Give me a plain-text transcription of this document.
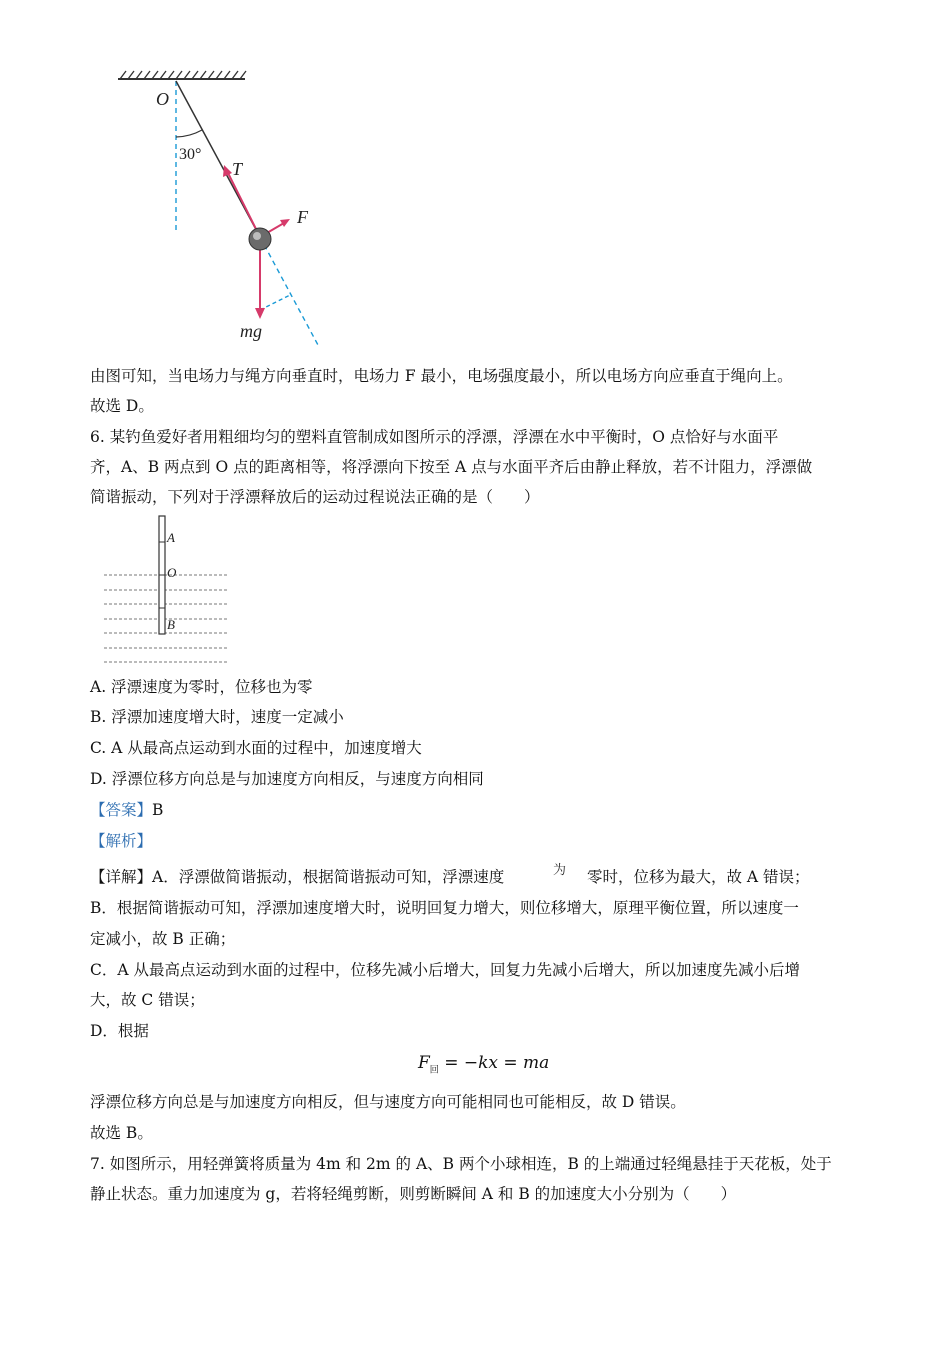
O
30°
T
F
mg
由图可知，当电场力与绳方向垂直时，电场力 F 最小，电场强度最小，所以电场方向应垂直于绳向上。
故选 D。
6. 某钓鱼爱好者用粗细均匀的塑料直管制成如图所示的浮漂，浮漂在水中平衡时，O 点恰好与水面平
齐，A、B 两点到 O 点的距离相等，将浮漂向下按至 A 点与水面平齐后由静止释放，若不计阻力，浮漂做
简谐振动，下列对于浮漂释放后的运动过程说法正确的是（　　）
A
O
B
A. 浮漂速度为零时，位移也为零
B. 浮漂加速度增大时，速度一定减小
C. A 从最高点运动到水面的过程中，加速度增大
D. 浮漂位移方向总是与加速度方向相反，与速度方向相同
【答案】B
【解析】
【详解】A．浮漂做简谐振动，根据简谐振动可知，浮漂速度	为 零时，位移为最大，故 A 错误；
B．根据简谐振动可知，浮漂加速度增大时，说明回复力增大，则位移增大，原理平衡位置，所以速度一
定减小，故 B 正确；
C．A 从最高点运动到水面的过程中，位移先减小后增大，回复力先减小后增大，所以加速度先减小后增
大，故 C 错误；
D．根据
$F_回 = -kx$ = ma
浮漂位移方向总是与加速度方向相反，但与速度方向可能相同也可能相反，故 D 错误。
故选 B。
7. 如图所示，用轻弹簧将质量为 4m 和 2m 的 A、B 两个小球相连，B 的上端通过轻绳悬挂于天花板，处于
静止状态。重力加速度为 g，若将轻绳剪断，则剪断瞬间 A 和 B 的加速度大小分别为（　　）
